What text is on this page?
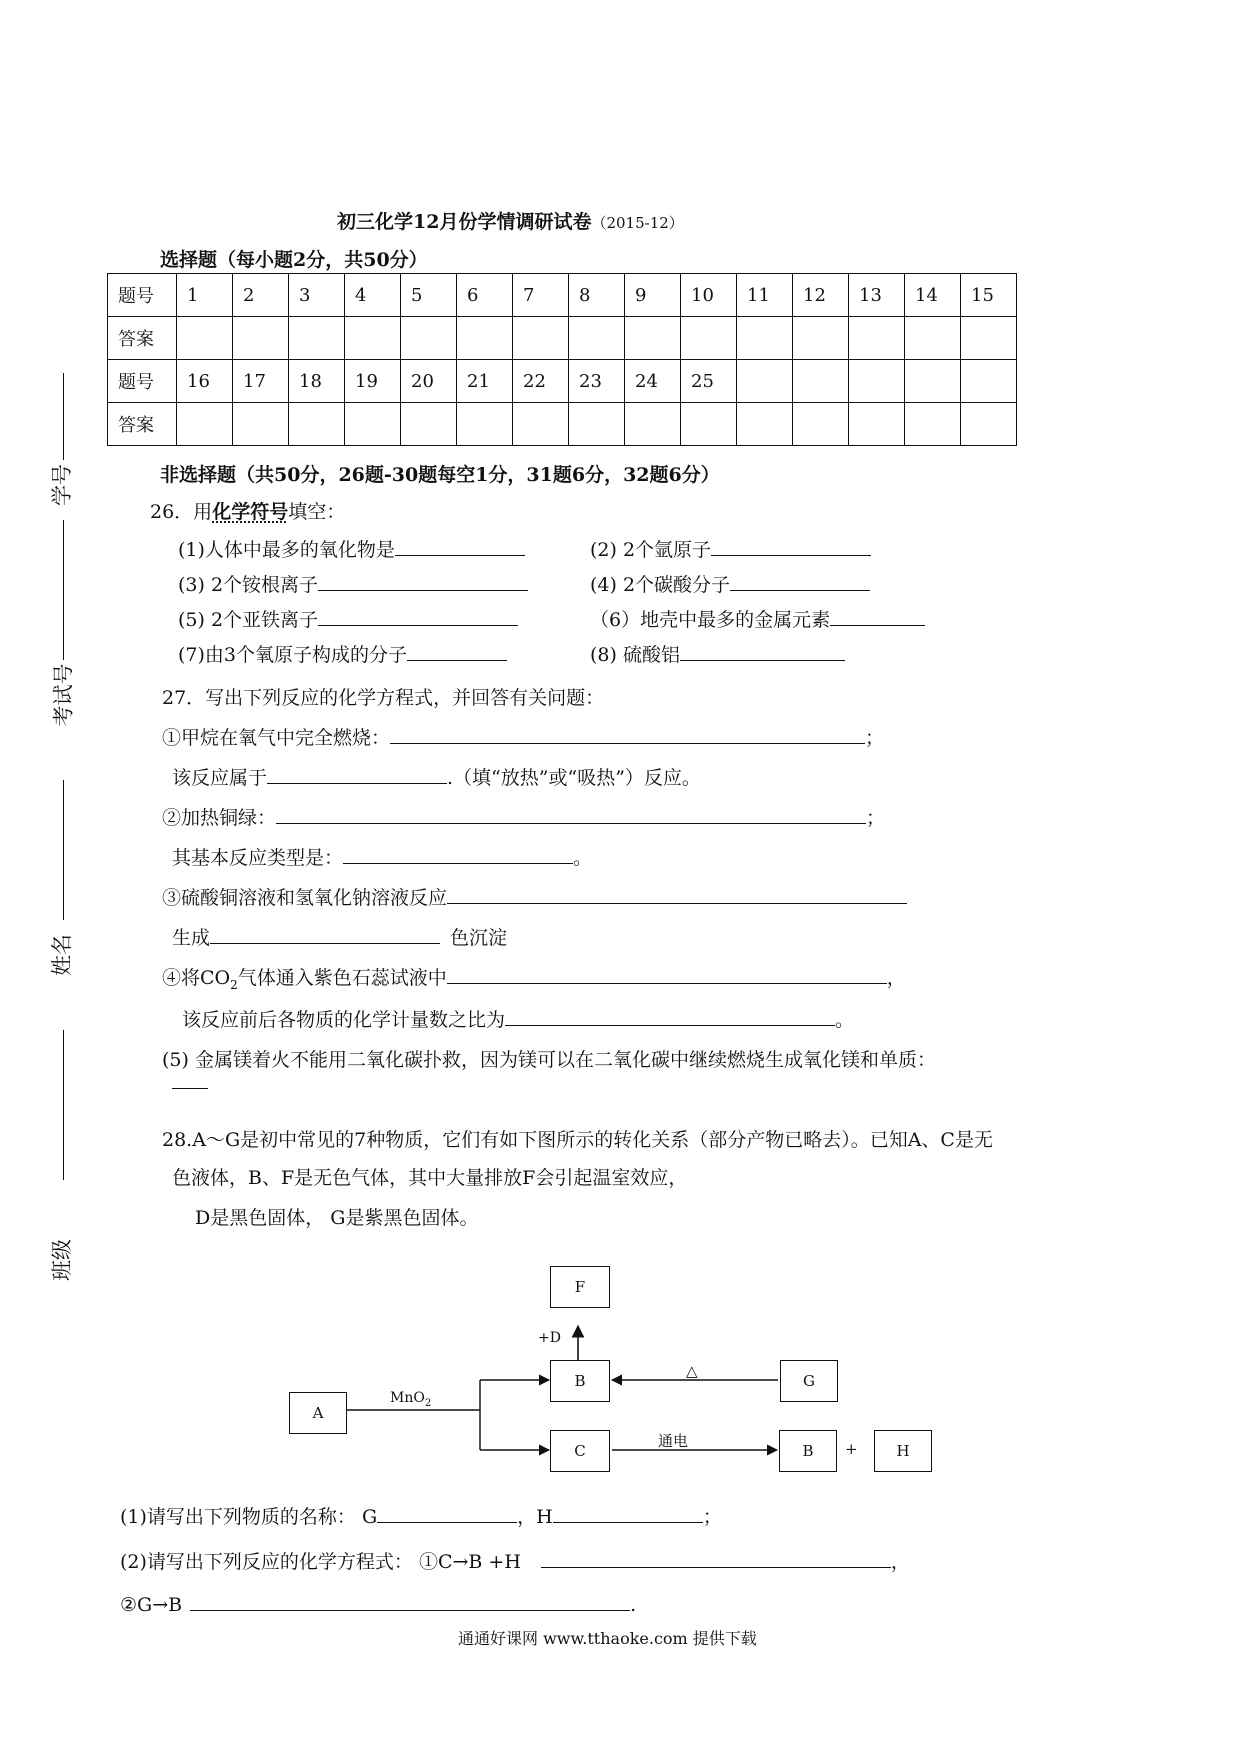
初三化学12月份学情调研试卷（2015-12）
选择题（每小题2分，共50分）
题号	1	2	3	4	5	6	7	8	9	10	11	12	13	14	15
答案															
题号	16	17	18	19	20	21	22	23	24	25					
答案															
学号
考试号
姓名
班级
非选择题（共50分，26题-30题每空1分，31题6分，32题6分）
26．用化学符号填空：
(1)人体中最多的氧化物是	(2) 2个氩原子
(3) 2个铵根离子	(4) 2个碳酸分子
(5) 2个亚铁离子	（6）地壳中最多的金属元素
(7)由3个氧原子构成的分子	(8) 硫酸铝
27．写出下列反应的化学方程式，并回答有关问题：
①甲烷在氧气中完全燃烧：	；
该反应属于	.（填“放热”或“吸热”）反应。
②加热铜绿：	；
其基本反应类型是：	。
③硫酸铜溶液和氢氧化钠溶液反应
生成	色沉淀
④将$CO_2$气体通入紫色石蕊试液中	，
该反应前后各物质的化学计量数之比为	。
(5) 金属镁着火不能用二氧化碳扑救，因为镁可以在二氧化碳中继续燃烧生成氧化镁和单质：
28.A～G是初中常见的7种物质，它们有如下图所示的转化关系（部分产物已略去）。已知A、C是无
色液体，B、F是无色气体，其中大量排放F会引起温室效应，
D是黑色固体， G是紫黑色固体。
F
B	G
A
C	B	H
+D
MnO$_2$
△
通电	+
(1)请写出下列物质的名称： G	，H	；
(2)请写出下列反应的化学方程式： ①C→B +H	，
②G→B	.
通通好课网 www.tthaoke.com 提供下载
